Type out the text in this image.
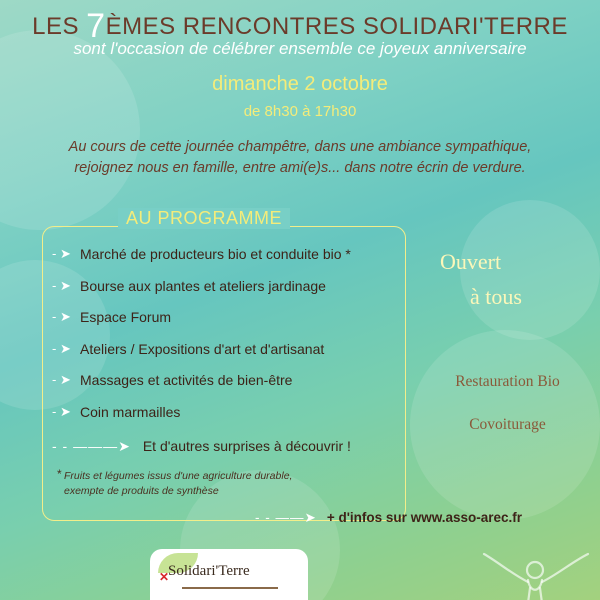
LES 7ÈMES RENCONTRES SOLIDARI'TERRE
sont l'occasion de célébrer ensemble ce joyeux anniversaire
dimanche 2 octobre
de 8h30 à 17h30
Au cours de cette journée champêtre, dans une ambiance sympathique,
rejoignez nous en famille, entre ami(e)s... dans notre écrin de verdure.
AU PROGRAMME
- ➤ Marché de producteurs bio et conduite bio *
- ➤ Bourse aux plantes et ateliers jardinage
- ➤ Espace Forum
- ➤ Ateliers / Expositions d'art et d'artisanat
- ➤ Massages et activités de bien-être
- ➤ Coin marmailles
- - ———➤ Et d'autres surprises à découvrir !
* Fruits et légumes issus d'une agriculture durable,
exempte de produits de synthèse
Ouvert
à tous
Restauration Bio
Covoiturage
- - ——➤ + d'infos sur www.asso-arec.fr
✕
Solidari'Terre
